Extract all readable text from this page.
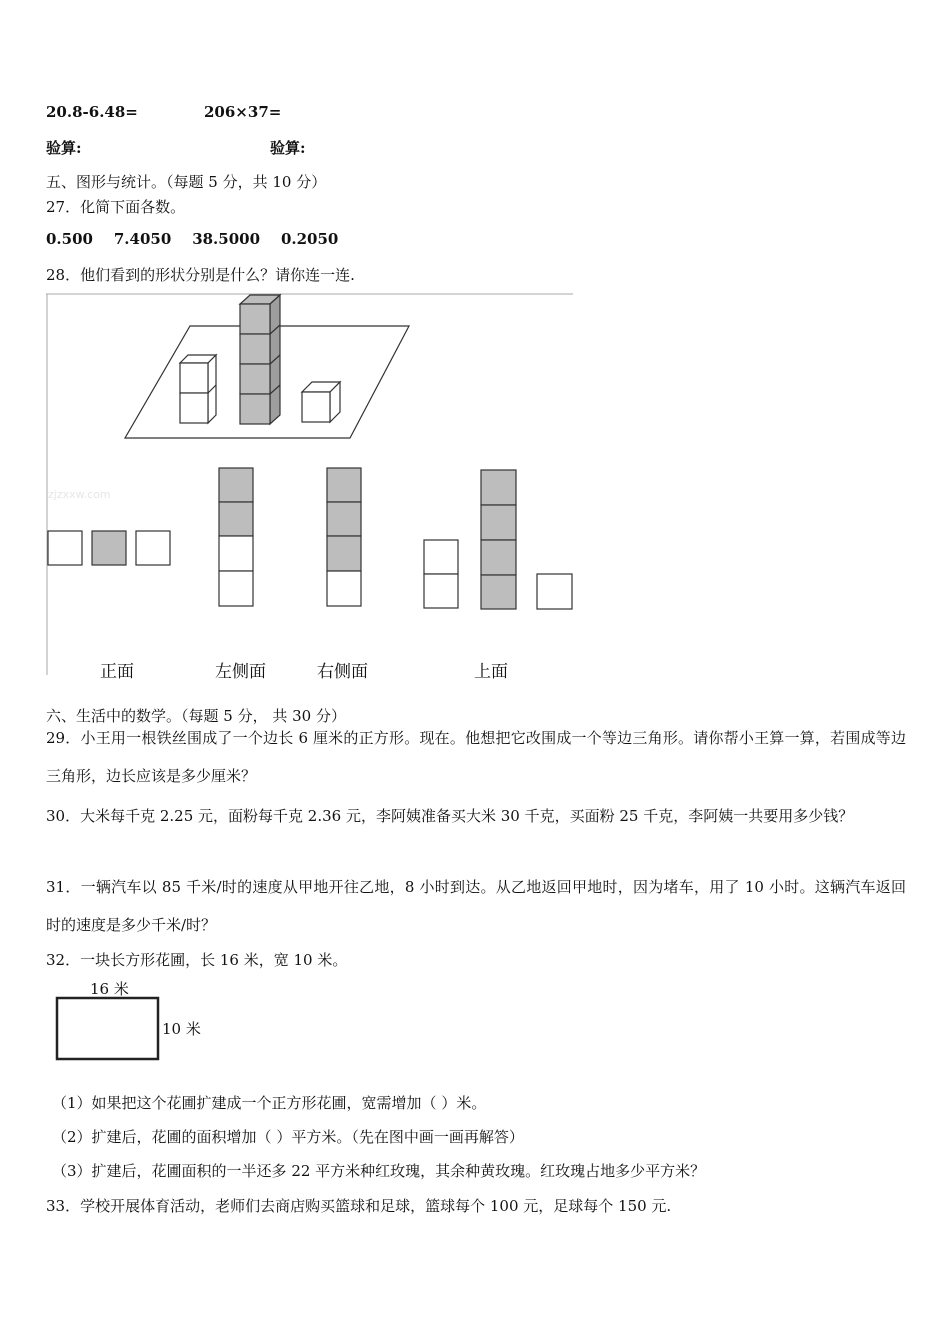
20.8-6.48=	206×37=
验算:	验算:
五、图形与统计。（每题 5 分，共 10 分）
27．化简下面各数。
0.500 7.4050 38.5000 0.2050
28．他们看到的形状分别是什么？请你连一连.
zjzxxw.com
正面	左侧面	右侧面	上面
六、生活中的数学。（每题 5 分， 共 30 分）
29．小王用一根铁丝围成了一个边长 6 厘米的正方形。现在。他想把它改围成一个等边三角形。请你帮小王算一算，若围成等边三角形，边长应该是多少厘米？
30．大米每千克 2.25 元，面粉每千克 2.36 元，李阿姨准备买大米 30 千克，买面粉 25 千克，李阿姨一共要用多少钱？
31．一辆汽车以 85 千米/时的速度从甲地开往乙地，8 小时到达。从乙地返回甲地时，因为堵车，用了 10 小时。这辆汽车返回时的速度是多少千米/时？
32．一块长方形花圃，长 16 米，宽 10 米。
16 米
10 米
（1）如果把这个花圃扩建成一个正方形花圃，宽需增加（ ）米。
（2）扩建后，花圃的面积增加（ ）平方米。（先在图中画一画再解答）
（3）扩建后，花圃面积的一半还多 22 平方米种红玫瑰，其余种黄玫瑰。红玫瑰占地多少平方米？
33．学校开展体育活动，老师们去商店购买篮球和足球，篮球每个 100 元，足球每个 150 元.
